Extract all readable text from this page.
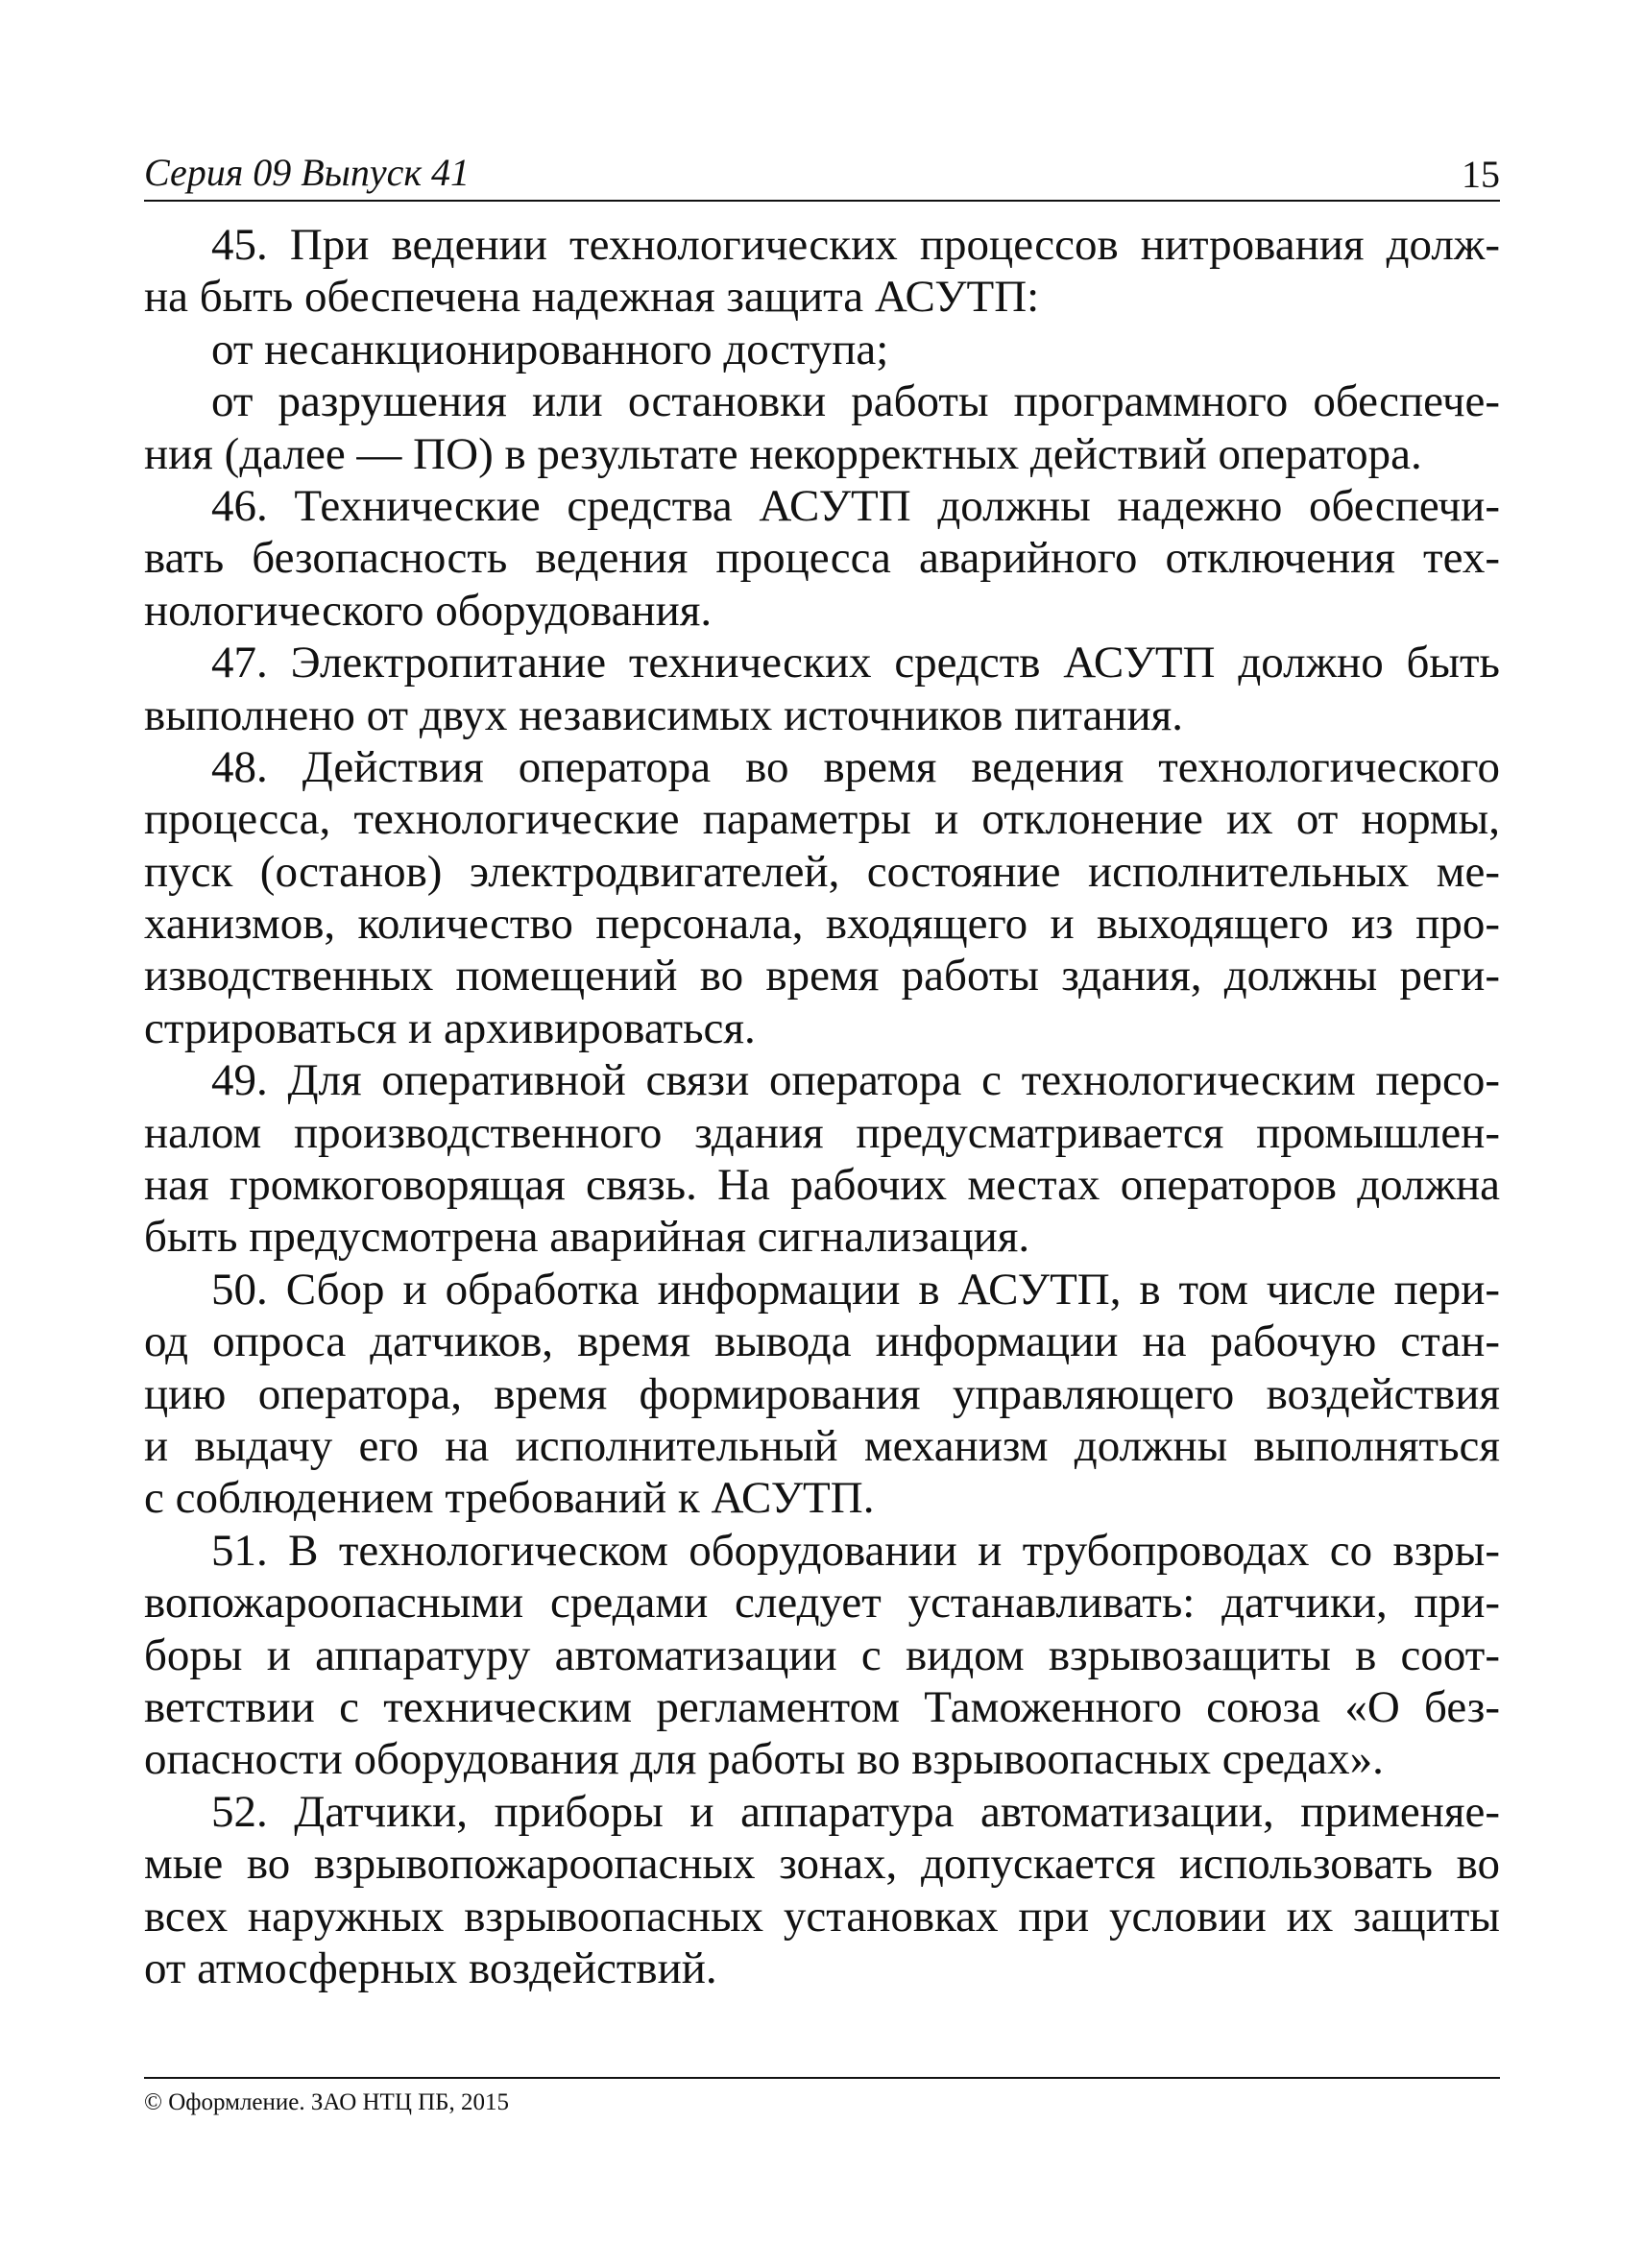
Серия 09 Выпуск 41	15
45. При ведении технологических процессов нитрования долж-
на быть обеспечена надежная защита АСУТП:
от несанкционированного доступа;
от разрушения или остановки работы программного обеспече-
ния (далее — ПО) в результате некорректных действий оператора.
46. Технические средства АСУТП должны надежно обеспечи-
вать безопасность ведения процесса аварийного отключения тех-
нологического оборудования.
47. Электропитание технических средств АСУТП должно быть
выполнено от двух независимых источников питания.
48. Действия оператора во время ведения технологического
процесса, технологические параметры и отклонение их от нормы,
пуск (останов) электродвигателей, состояние исполнительных ме-
ханизмов, количество персонала, входящего и выходящего из про-
изводственных помещений во время работы здания, должны реги-
стрироваться и архивироваться.
49. Для оперативной связи оператора с технологическим персо-
налом производственного здания предусматривается промышлен-
ная громкоговорящая связь. На рабочих местах операторов должна
быть предусмотрена аварийная сигнализация.
50. Сбор и обработка информации в АСУТП, в том числе пери-
од опроса датчиков, время вывода информации на рабочую стан-
цию оператора, время формирования управляющего воздействия
и выдачу его на исполнительный механизм должны выполняться
с соблюдением требований к АСУТП.
51. В технологическом оборудовании и трубопроводах со взры-
вопожароопасными средами следует устанавливать: датчики, при-
боры и аппаратуру автоматизации с видом взрывозащиты в соот-
ветствии с техническим регламентом Таможенного союза «О без-
опасности оборудования для работы во взрывоопасных средах».
52. Датчики, приборы и аппаратура автоматизации, применяе-
мые во взрывопожароопасных зонах, допускается использовать во
всех наружных взрывоопасных установках при условии их защиты
от атмосферных воздействий.
© Оформление. ЗАО НТЦ ПБ, 2015
